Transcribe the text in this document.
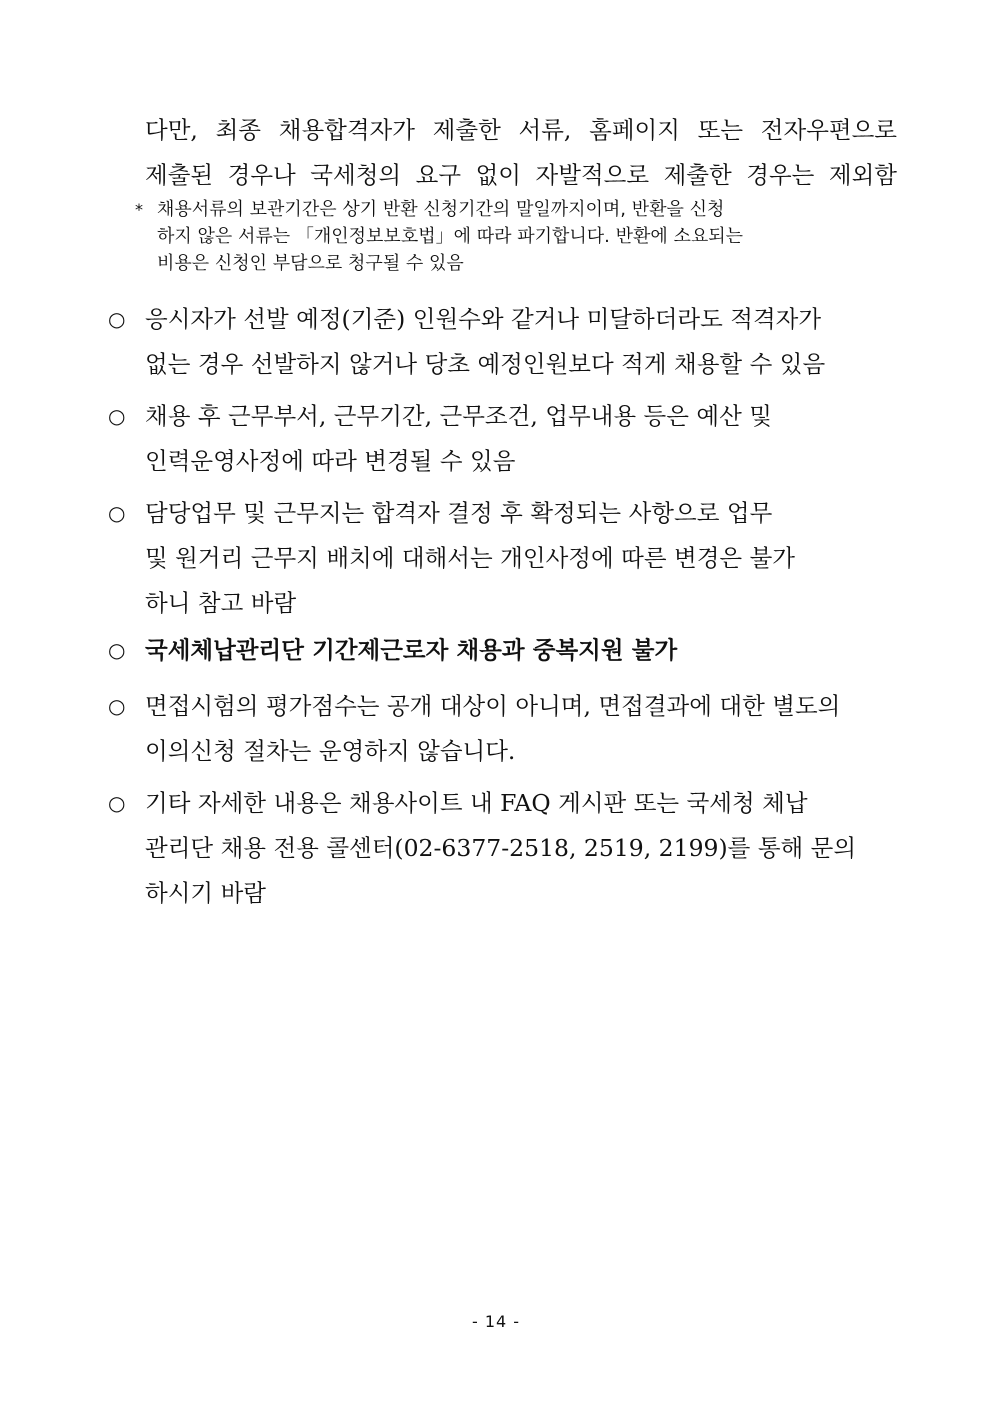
다만, 최종 채용합격자가 제출한 서류, 홈페이지 또는 전자우편으로
제출된 경우나 국세청의 요구 없이 자발적으로 제출한 경우는 제외함
* 채용서류의 보관기간은 상기 반환 신청기간의 말일까지이며, 반환을 신청
하지 않은 서류는 「개인정보보호법」에 따라 파기합니다. 반환에 소요되는
비용은 신청인 부담으로 청구될 수 있음
○ 응시자가 선발 예정(기준) 인원수와 같거나 미달하더라도 적격자가
없는 경우 선발하지 않거나 당초 예정인원보다 적게 채용할 수 있음
○ 채용 후 근무부서, 근무기간, 근무조건, 업무내용 등은 예산 및
인력운영사정에 따라 변경될 수 있음
○ 담당업무 및 근무지는 합격자 결정 후 확정되는 사항으로 업무
및 원거리 근무지 배치에 대해서는 개인사정에 따른 변경은 불가
하니 참고 바람
○ 국세체납관리단 기간제근로자 채용과 중복지원 불가
○ 면접시험의 평가점수는 공개 대상이 아니며, 면접결과에 대한 별도의
이의신청 절차는 운영하지 않습니다.
○ 기타 자세한 내용은 채용사이트 내 FAQ 게시판 또는 국세청 체납
관리단 채용 전용 콜센터(02-6377-2518, 2519, 2199)를 통해 문의
하시기 바람
- 14 -
